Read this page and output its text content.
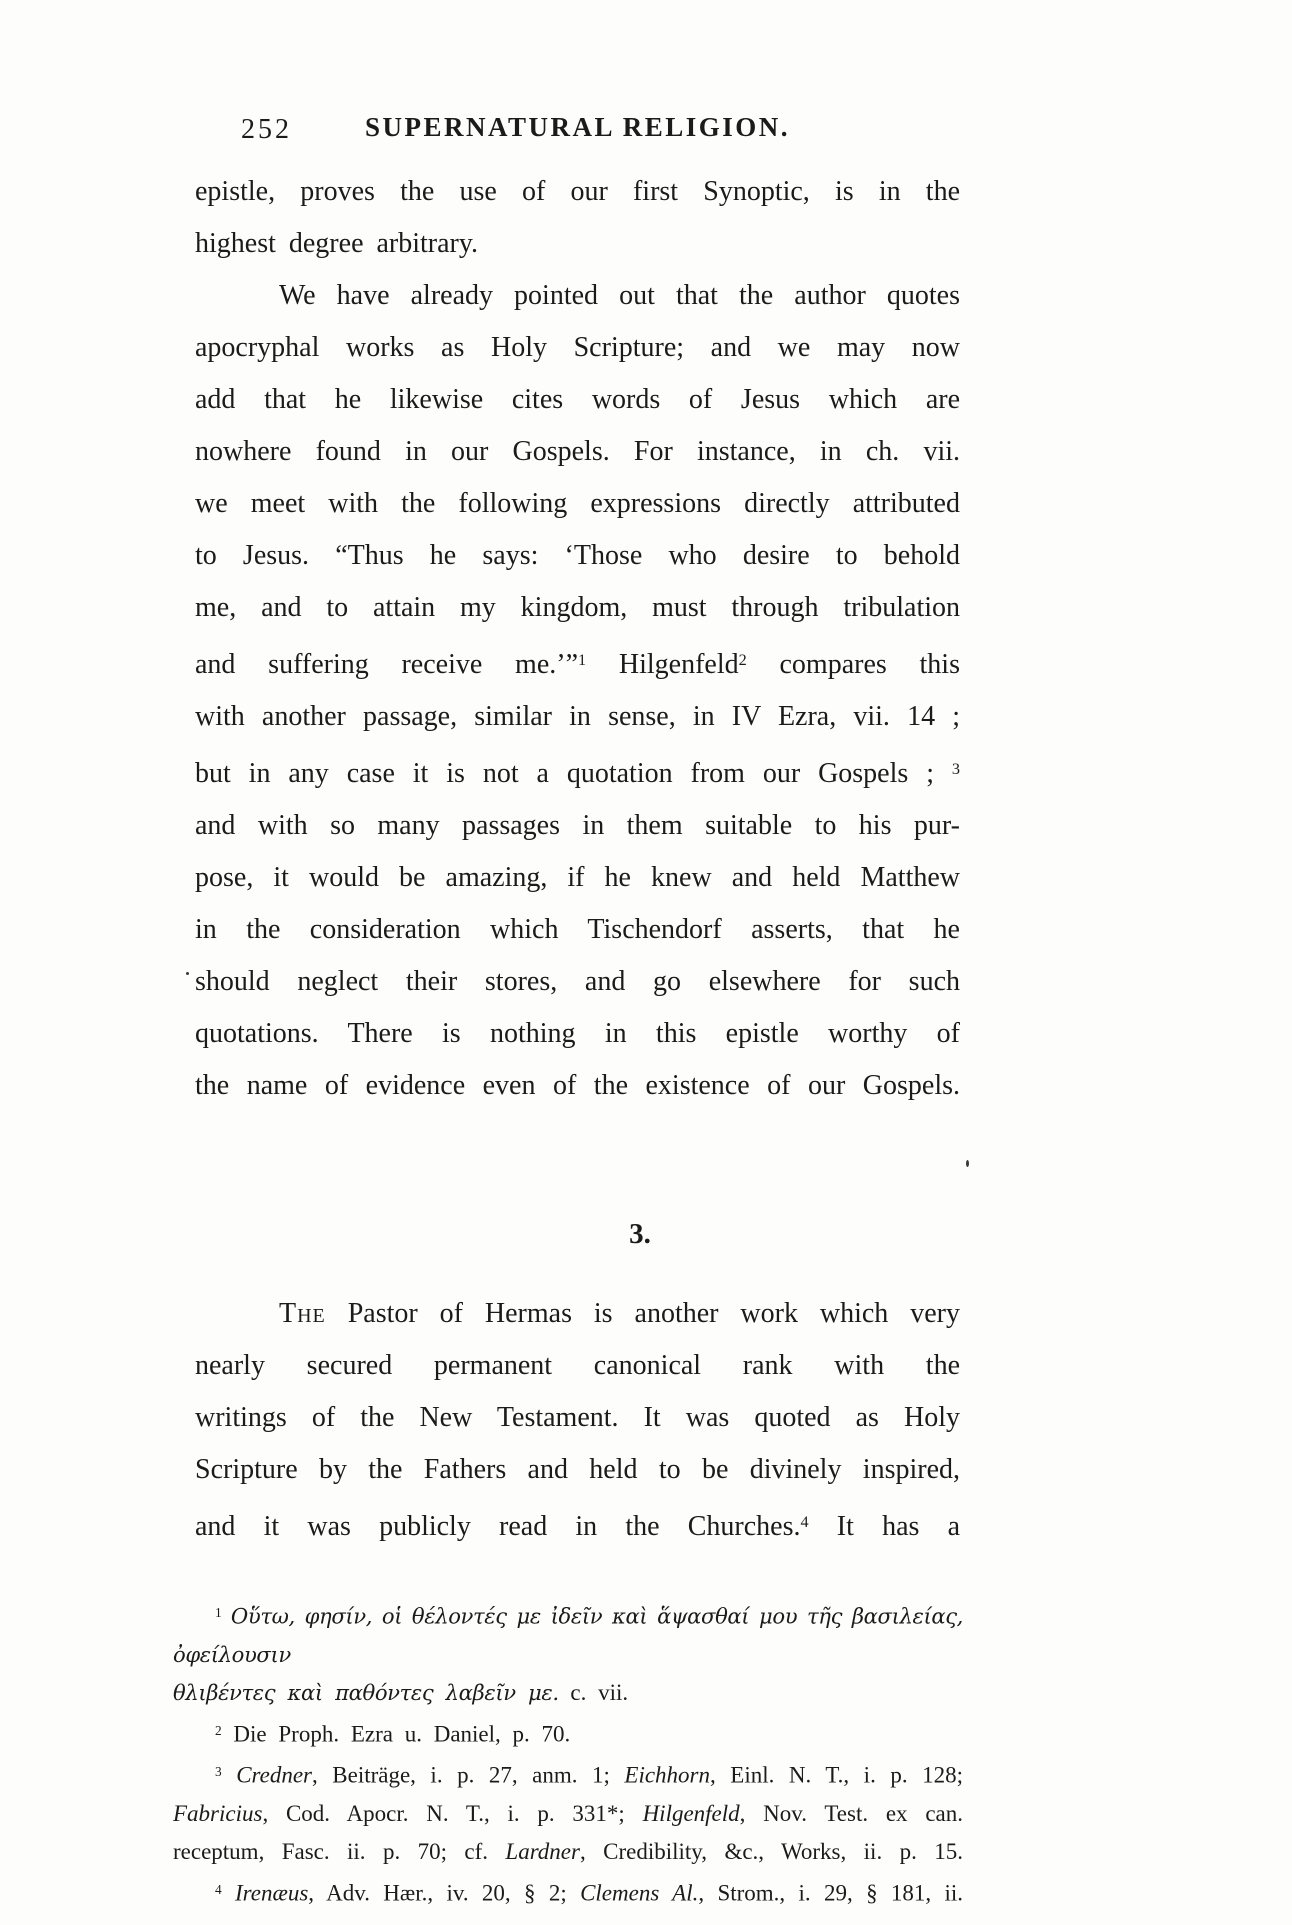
252	SUPERNATURAL RELIGION.
epistle, proves the use of our first Synoptic, is in the
highest degree arbitrary.
We have already pointed out that the author quotes
apocryphal works as Holy Scripture; and we may now
add that he likewise cites words of Jesus which are
nowhere found in our Gospels. For instance, in ch. vii.
we meet with the following expressions directly attributed
to Jesus. “Thus he says: ‘Those who desire to behold
me, and to attain my kingdom, must through tribulation
and suffering receive me.’”$^1$ Hilgenfeld$^2$ compares this
with another passage, similar in sense, in IV Ezra, vii. 14 ;
but in any case it is not a quotation from our Gospels ; $^3$
and with so many passages in them suitable to his pur-
pose, it would be amazing, if he knew and held Matthew
in the consideration which Tischendorf asserts, that he
should neglect their stores, and go elsewhere for such
quotations. There is nothing in this epistle worthy of
the name of evidence even of the existence of our Gospels.
3.
The Pastor of Hermas is another work which very
nearly secured permanent canonical rank with the
writings of the New Testament. It was quoted as Holy
Scripture by the Fathers and held to be divinely inspired,
and it was publicly read in the Churches.$^4$ It has a
$^1$ Οὕτω, φησίν, οἱ θέλοντές με ἰδεῖν καὶ ἅψασθαί μου τῆς βασιλείας, ὀφείλουσιν
θλιβέντες καὶ παθόντες λαβεῖν με. c. vii.
$^2$ Die Proph. Ezra u. Daniel, p. 70.
$^3$ Credner, Beiträge, i. p. 27, anm. 1; Eichhorn, Einl. N. T., i. p. 128;
Fabricius, Cod. Apocr. N. T., i. p. 331*; Hilgenfeld, Nov. Test. ex can.
receptum, Fasc. ii. p. 70; cf. Lardner, Credibility, &c., Works, ii. p. 15.
$^4$ Irenæus, Adv. Hær., iv. 20, § 2; Clemens Al., Strom., i. 29, § 181, ii.
